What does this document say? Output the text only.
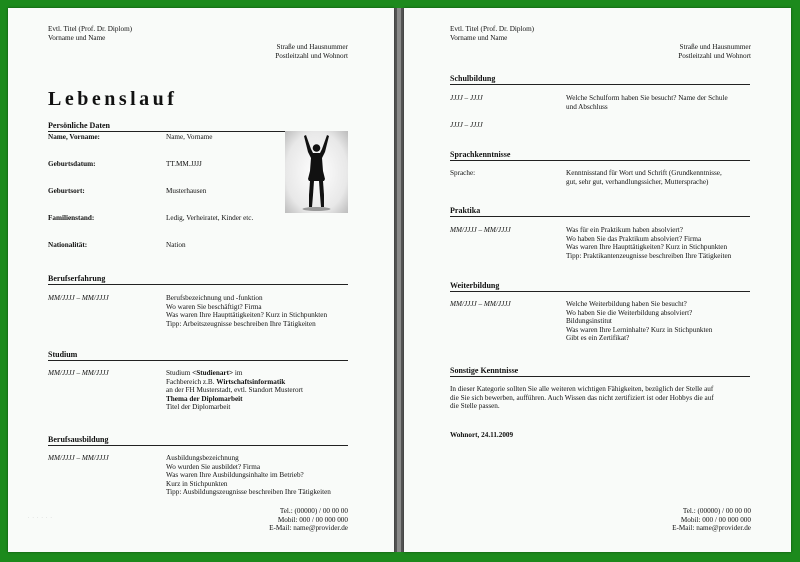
Evtl. Titel (Prof. Dr. Diplom)
Vorname und Name
Straße und Hausnummer
Postleitzahl und Wohnort
Lebenslauf
Persönliche Daten
Name, Vorname:	Name, Vorname
Geburtsdatum:	TT.MM.JJJJ
Geburtsort:	Musterhausen
Familienstand:	Ledig, Verheiratet, Kinder etc.
Nationalität:	Nation
Berufserfahrung
MM/JJJJ – MM/JJJJ	Berufsbezeichnung und -funktion
Wo waren Sie beschäftigt? Firma
Was waren Ihre Haupttätigkeiten? Kurz in Stichpunkten
Tipp: Arbeitszeugnisse beschreiben Ihre Tätigkeiten
Studium
MM/JJJJ – MM/JJJJ	Studium <Studienart> im
Fachbereich z.B. Wirtschaftsinformatik
an der FH Musterstadt, evtl. Standort Musterort
Thema der Diplomarbeit
Titel der Diplomarbeit
Berufsausbildung
MM/JJJJ – MM/JJJJ	Ausbildungsbezeichnung
Wo wurden Sie ausbildet? Firma
Was waren Ihre Ausbildungsinhalte im Betrieb?
Kurz in Stichpunkten
Tipp: Ausbildungszeugnisse beschreiben Ihre Tätigkeiten
. . . . . .
Tel.: (00000) / 00 00 00
Mobil: 000 / 00 000 000
E-Mail: name@provider.de
Evtl. Titel (Prof. Dr. Diplom)
Vorname und Name
Straße und Hausnummer
Postleitzahl und Wohnort
Schulbildung
JJJJ – JJJJ	Welche Schulform haben Sie besucht? Name der Schule
und Abschluss
JJJJ – JJJJ
Sprachkenntnisse
Sprache:	Kenntnisstand für Wort und Schrift (Grundkenntnisse,
gut, sehr gut, verhandlungssicher, Muttersprache)
Praktika
MM/JJJJ – MM/JJJJ	Was für ein Praktikum haben absolviert?
Wo haben Sie das Praktikum absolviert? Firma
Was waren Ihre Haupttätigkeiten? Kurz in Stichpunkten
Tipp: Praktikantenzeugnisse beschreiben Ihre Tätigkeiten
Weiterbildung
MM/JJJJ – MM/JJJJ	Welche Weiterbildung haben Sie besucht?
Wo haben Sie die Weiterbildung absolviert?
Bildungsinstitut
Was waren Ihre Lerninhalte? Kurz in Stichpunkten
Gibt es ein Zertifikat?
Sonstige Kenntnisse
In dieser Kategorie sollten Sie alle weiteren wichtigen Fähigkeiten, bezüglich der Stelle auf
die Sie sich bewerben, aufführen. Auch Wissen das nicht zertifiziert ist oder Hobbys die auf
die Stelle passen.
Wohnort, 24.11.2009
Tel.: (00000) / 00 00 00
Mobil: 000 / 00 000 000
E-Mail: name@provider.de
